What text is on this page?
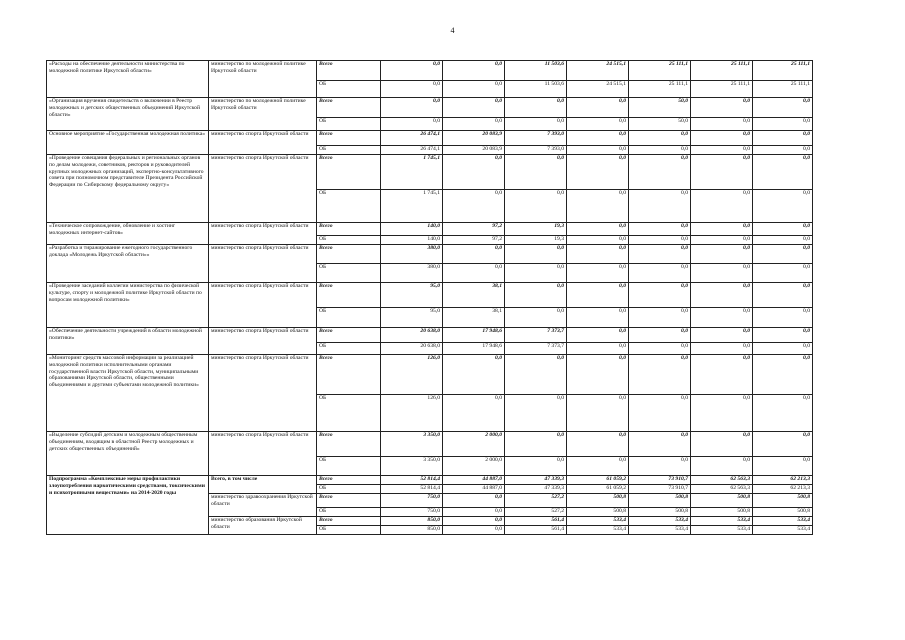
4
«Расходы на обеспечение деятельности министерства по молодежной политике Иркутской области»	министерство по молодежной политике Иркутской области	Всего	0,0	0,0	11 503,6	24 515,1	25 111,1	25 111,1	25 111,1
		ОБ	0,0	0,0	11 503,6	24 515,1	25 111,1	25 111,1	25 111,1
«Организация вручения свидетельств о включении в Реестр молодежных и детских общественных объединений Иркутской области»	министерство по молодежной политике Иркутской области	Всего	0,0	0,0	0,0	0,0	50,0	0,0	0,0
		ОБ	0,0	0,0	0,0	0,0	50,0	0,0	0,0
Основное мероприятие «Государственная молодежная политика»	министерство спорта Иркутской области	Всего	26 474,1	20 083,9	7 393,0	0,0	0,0	0,0	0,0
		ОБ	26 474,1	20 083,9	7 393,0	0,0	0,0	0,0	0,0
«Проведение совещания федеральных и региональных органов по делам молодежи, советников, ректоров и руководителей крупных молодежных организаций, экспертно-консультативного совета при полномочном представителе Президента Российской Федерации по Сибирскому федеральному округу»	министерство спорта Иркутской области	Всего	1 745,1	0,0	0,0	0,0	0,0	0,0	0,0
		ОБ	1 745,1	0,0	0,0	0,0	0,0	0,0	0,0
«Техническое сопровождение, обновление и хостинг молодежных интернет-сайтов»	министерство спорта Иркутской области	Всего	140,0	97,2	19,3	0,0	0,0	0,0	0,0
		ОБ	140,0	97,2	19,3	0,0	0,0	0,0	0,0
«Разработка и тиражирование ежегодного государственного доклада «Молодежь Иркутской области»»	министерство спорта Иркутской области	Всего	380,0	0,0	0,0	0,0	0,0	0,0	0,0
		ОБ	380,0	0,0	0,0	0,0	0,0	0,0	0,0
«Проведение заседаний коллегии министерства по физической культуре, спорту и молодежной политике Иркутской области по вопросам молодежной политики»	министерство спорта Иркутской области	Всего	95,0	38,1	0,0	0,0	0,0	0,0	0,0
		ОБ	95,0	38,1	0,0	0,0	0,0	0,0	0,0
«Обеспечение деятельности учреждений в области молодежной политики»	министерство спорта Иркутской области	Всего	20 638,0	17 948,6	7 373,7	0,0	0,0	0,0	0,0
		ОБ	20 638,0	17 948,6	7 373,7	0,0	0,0	0,0	0,0
«Мониторинг средств массовой информации за реализацией молодежной политики исполнительными органами государственной власти Иркутской области, муниципальными образованиями Иркутской области, общественными объединениями и другими субъектами молодежной политики»	министерство спорта Иркутской области	Всего	126,0	0,0	0,0	0,0	0,0	0,0	0,0
		ОБ	126,0	0,0	0,0	0,0	0,0	0,0	0,0
«Выделение субсидий детским и молодежным общественным объединениям, входящим в областной Реестр молодежных и детских общественных объединений»	министерство спорта Иркутской области	Всего	3 350,0	2 000,0	0,0	0,0	0,0	0,0	0,0
		ОБ	3 350,0	2 000,0	0,0	0,0	0,0	0,0	0,0
Подпрограмма «Комплексные меры профилактики злоупотребления наркотическими средствами, токсическими и психотропными веществами» на 2014-2020 годы	Всего, в том числе	Всего	52 814,4	44 887,0	47 339,3	61 059,2	73 910,7	62 563,3	62 213,3
		ОБ	52 814,4	44 887,0	47 339,3	61 059,2	73 910,7	62 563,3	62 213,3
	министерство здравоохранения Иркутской области	Всего	750,0	0,0	527,2	500,8	500,8	500,8	500,8
		ОБ	750,0	0,0	527,2	500,8	500,8	500,8	500,8
	министерство образования Иркутской области	Всего	850,0	0,0	561,4	533,4	533,4	533,4	533,4
		ОБ	850,0	0,0	561,4	533,4	533,4	533,4	533,4
